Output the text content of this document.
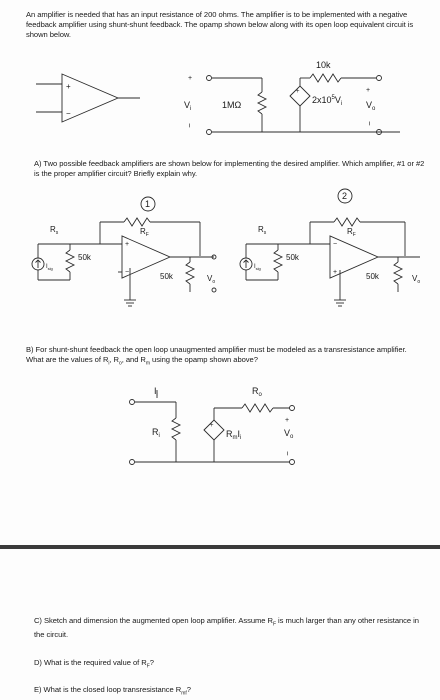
An amplifier is needed that has an input resistance of 200 ohms. The amplifier is to be implemented with a negative feedback amplifier using shunt-shunt feedback. The opamp shown below along with its open loop equivalent circuit is shown below.
+
−
+
$V_i$
−
1MΩ
+
$2x10^5V_i$
10k
+
$V_o$
−
A) Two possible feedback amplifiers are shown below for implementing the desired amplifier. Which amplifier, #1 or #2 is the proper amplifier circuit? Briefly explain why.
1
$R_s$	$R_F$
+
−
$I_{sig}$
50k
50k	$V_o$
2
$R_s$	$R_F$
−
+
$I_{sig}$
50k
50k	$V_o$
B) For shunt-shunt feedback the open loop unaugmented amplifier must be modeled as a transresistance amplifier. What are the values of $R_i$, $R_o$, and $R_m$ using the opamp shown above?
$I_i$
$R_i$
+
$R_mI_i$
$R_o$
+
$V_o$
−
C) Sketch and dimension the augmented open loop amplifier. Assume $R_F$ is much larger than any other resistance in the circuit.
D) What is the required value of $R_F$?
E) What is the closed loop transresistance $R_{mf}$?
